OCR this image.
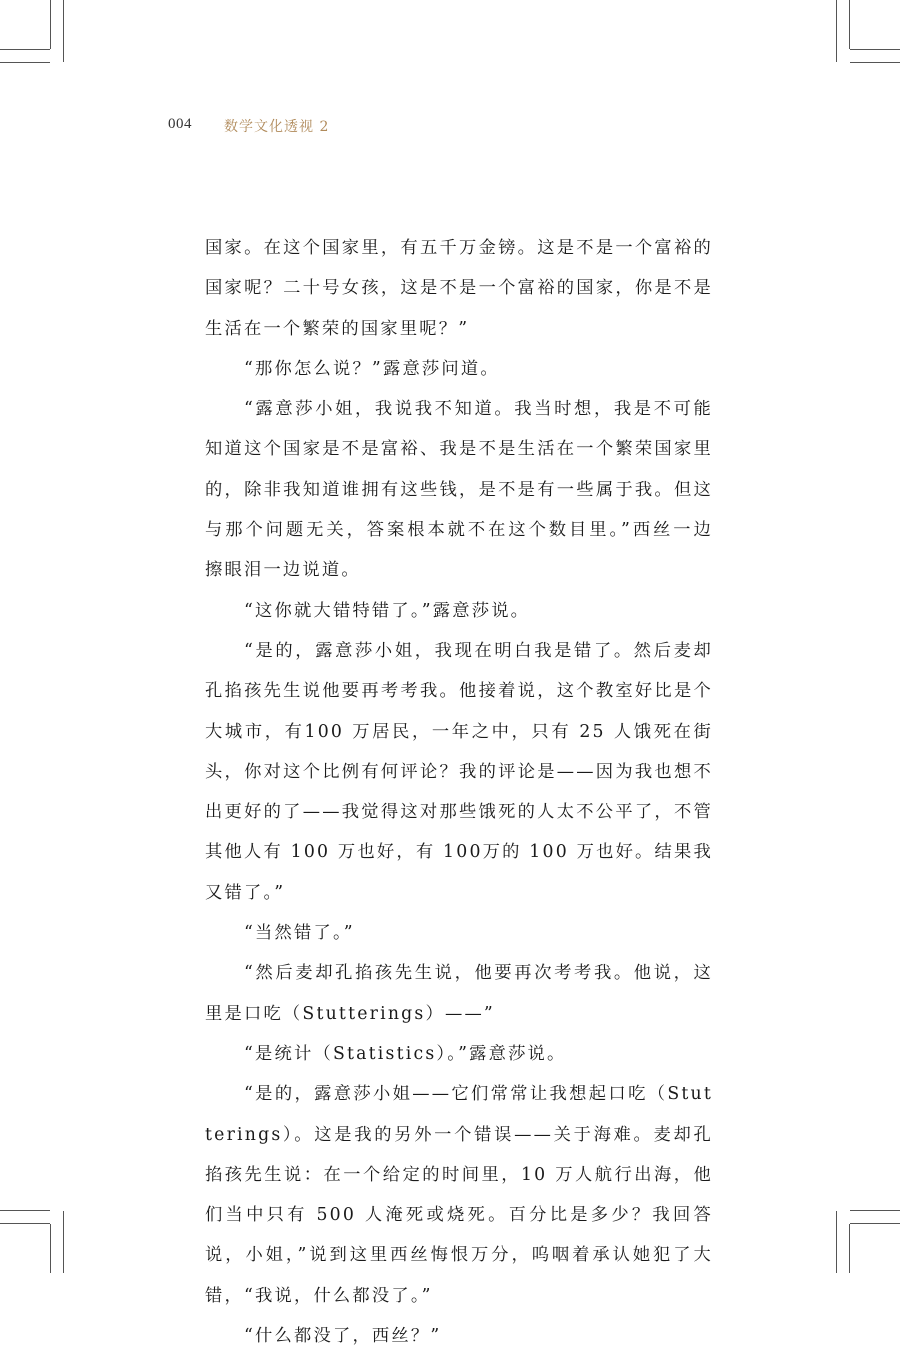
004 数学文化透视 2

国家。在这个国家里，有五千万金镑。这是不是一个富裕的国家呢？二十号女孩，这是不是一个富裕的国家，你是不是生活在一个繁荣的国家里呢？”

“那你怎么说？”露意莎问道。

“露意莎小姐，我说我不知道。我当时想，我是不可能知道这个国家是不是富裕、我是不是生活在一个繁荣国家里的，除非我知道谁拥有这些钱，是不是有一些属于我。但这与那个问题无关，答案根本就不在这个数目里。”西丝一边擦眼泪一边说道。

“这你就大错特错了。”露意莎说。

“是的，露意莎小姐，我现在明白我是错了。然后麦却孔掐孩先生说他要再考考我。他接着说，这个教室好比是个大城市，有100 万居民，一年之中，只有 25 人饿死在街头，你对这个比例有何评论？我的评论是——因为我也想不出更好的了——我觉得这对那些饿死的人太不公平了，不管其他人有 100 万也好，有 100万的 100 万也好。结果我又错了。”

“当然错了。”

“然后麦却孔掐孩先生说，他要再次考考我。他说，这里是口吃（Stutterings）——”

“是统计（Statistics）。”露意莎说。

“是的，露意莎小姐——它们常常让我想起口吃（Stutterings）。这是我的另外一个错误——关于海难。麦却孔掐孩先生说：在一个给定的时间里，10 万人航行出海，他们当中只有 500 人淹死或烧死。百分比是多少？我回答说，小姐，”说到这里西丝悔恨万分，呜咽着承认她犯了大错，“我说，什么都没了。”

“什么都没了，西丝？”
